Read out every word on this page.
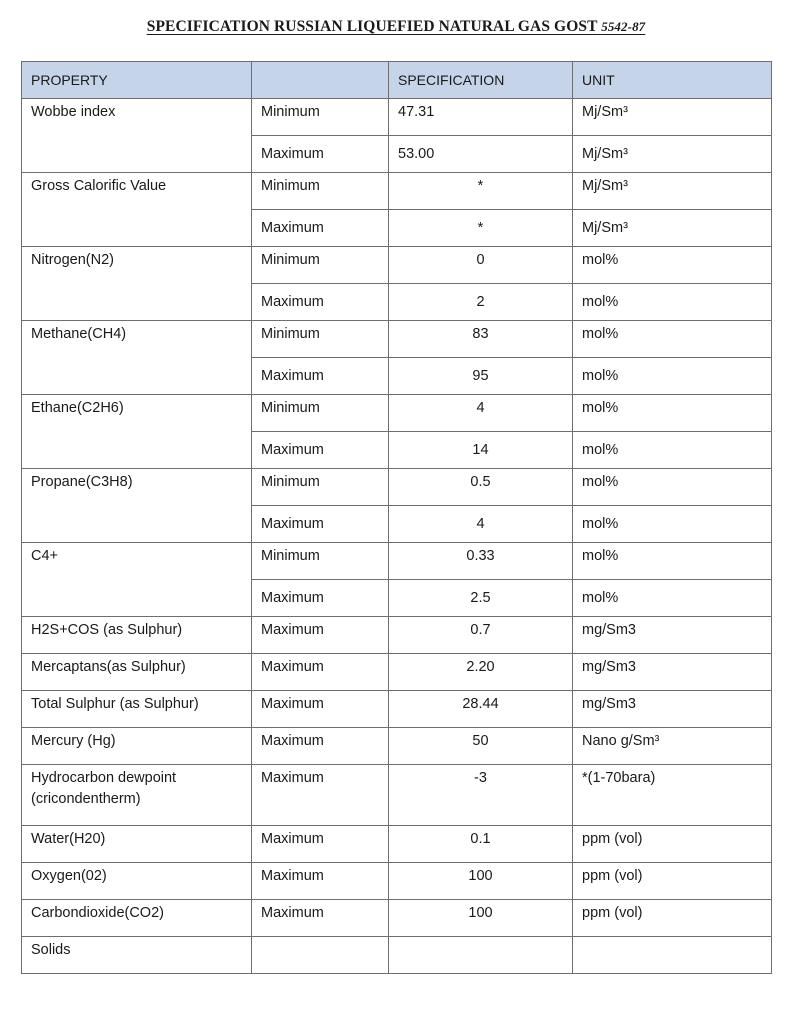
SPECIFICATION RUSSIAN LIQUEFIED NATURAL GAS GOST 5542-87
PROPERTY		SPECIFICATION	UNIT
Wobbe index	Minimum	47.31	Mj/Sm³
	Maximum	53.00	Mj/Sm³
Gross Calorific Value	Minimum	*	Mj/Sm³
	Maximum	*	Mj/Sm³
Nitrogen(N2)	Minimum	0	mol%
	Maximum	2	mol%
Methane(CH4)	Minimum	83	mol%
	Maximum	95	mol%
Ethane(C2H6)	Minimum	4	mol%
	Maximum	14	mol%
Propane(C3H8)	Minimum	0.5	mol%
	Maximum	4	mol%
C4+	Minimum	0.33	mol%
	Maximum	2.5	mol%
H2S+COS (as Sulphur)	Maximum	0.7	mg/Sm3
Mercaptans(as Sulphur)	Maximum	2.20	mg/Sm3
Total Sulphur (as Sulphur)	Maximum	28.44	mg/Sm3
Mercury (Hg)	Maximum	50	Nano g/Sm³
Hydrocarbon dewpoint (cricondentherm)	Maximum	-3	*(1-70bara)
Water(H20)	Maximum	0.1	ppm (vol)
Oxygen(02)	Maximum	100	ppm (vol)
Carbondioxide(CO2)	Maximum	100	ppm (vol)
Solids			
